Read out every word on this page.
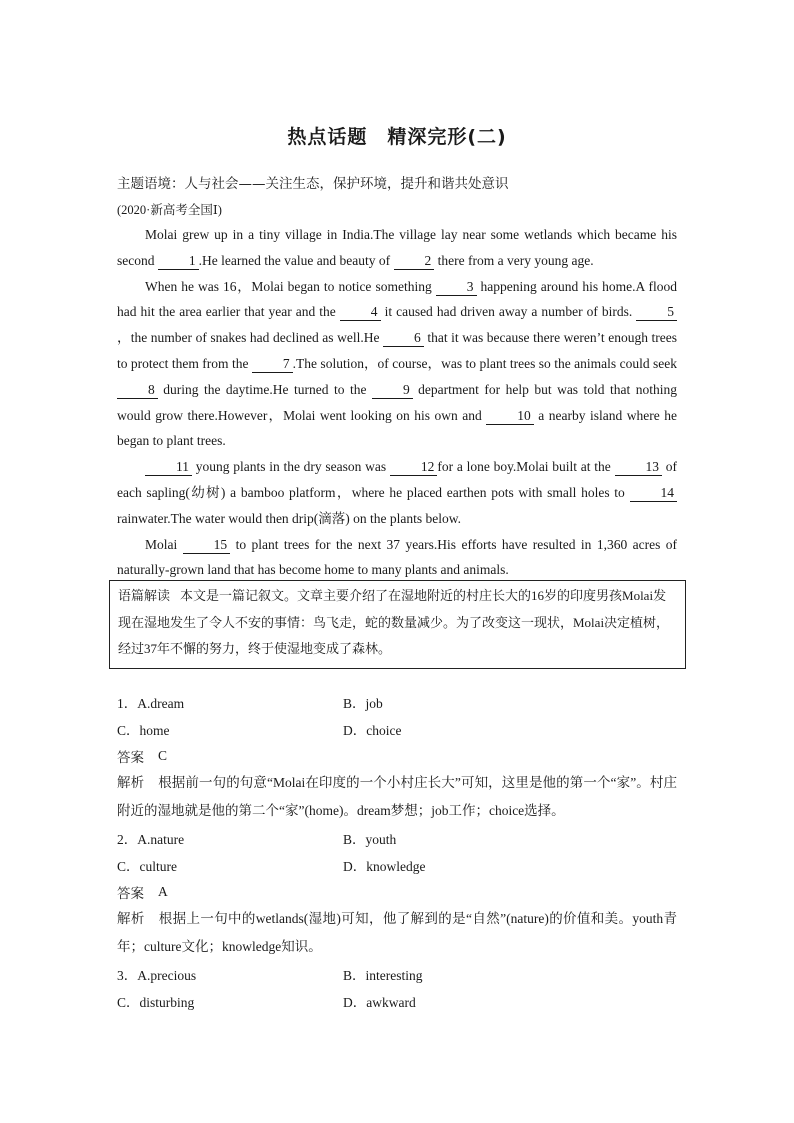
热点话题　精深完形(二)
主题语境：人与社会——关注生态，保护环境，提升和谐共处意识
(2020·新高考全国Ⅰ)

Molai grew up in a tiny village in India.The village lay near some wetlands which became his second 1 .He learned the value and beauty of 2 there from a very young age.

When he was 16，Molai began to notice something 3 happening around his home.A flood had hit the area earlier that year and the 4 it caused had driven away a number of birds. 5，the number of snakes had declined as well.He 6 that it was because there weren’t enough trees to protect them from the 7 .The solution，of course，was to plant trees so the animals could seek 8 during the daytime.He turned to the 9 department for help but was told that nothing would grow there.However，Molai went looking on his own and 10 a nearby island where he began to plant trees.

11 young plants in the dry season was 12 for a lone boy.Molai built at the 13 of each sapling(幼树) a bamboo platform，where he placed earthen pots with small holes to 14 rainwater.The water would then drip(滴落) on the plants below.

Molai 15 to plant trees for the next 37 years.His efforts have resulted in 1,360 acres of naturally-grown land that has become home to many plants and animals.

语篇解读 本文是一篇记叙文。文章主要介绍了在湿地附近的村庄长大的16岁的印度男孩Molai发现在湿地发生了令人不安的事情：鸟飞走，蛇的数量减少。为了改变这一现状，Molai决定植树，经过37年不懈的努力，终于使湿地变成了森林。
1．A.dream	B．job
C．home	D．choice
答案 C
解析 根据前一句的句意“Molai在印度的一个小村庄长大”可知，这里是他的第一个“家”。村庄附近的湿地就是他的第二个“家”(home)。dream梦想；job工作；choice选择。
2．A.nature	B．youth
C．culture	D．knowledge
答案 A
解析 根据上一句中的wetlands(湿地)可知，他了解到的是“自然”(nature)的价值和美。youth青年；culture文化；knowledge知识。
3．A.precious	B．interesting
C．disturbing	D．awkward
